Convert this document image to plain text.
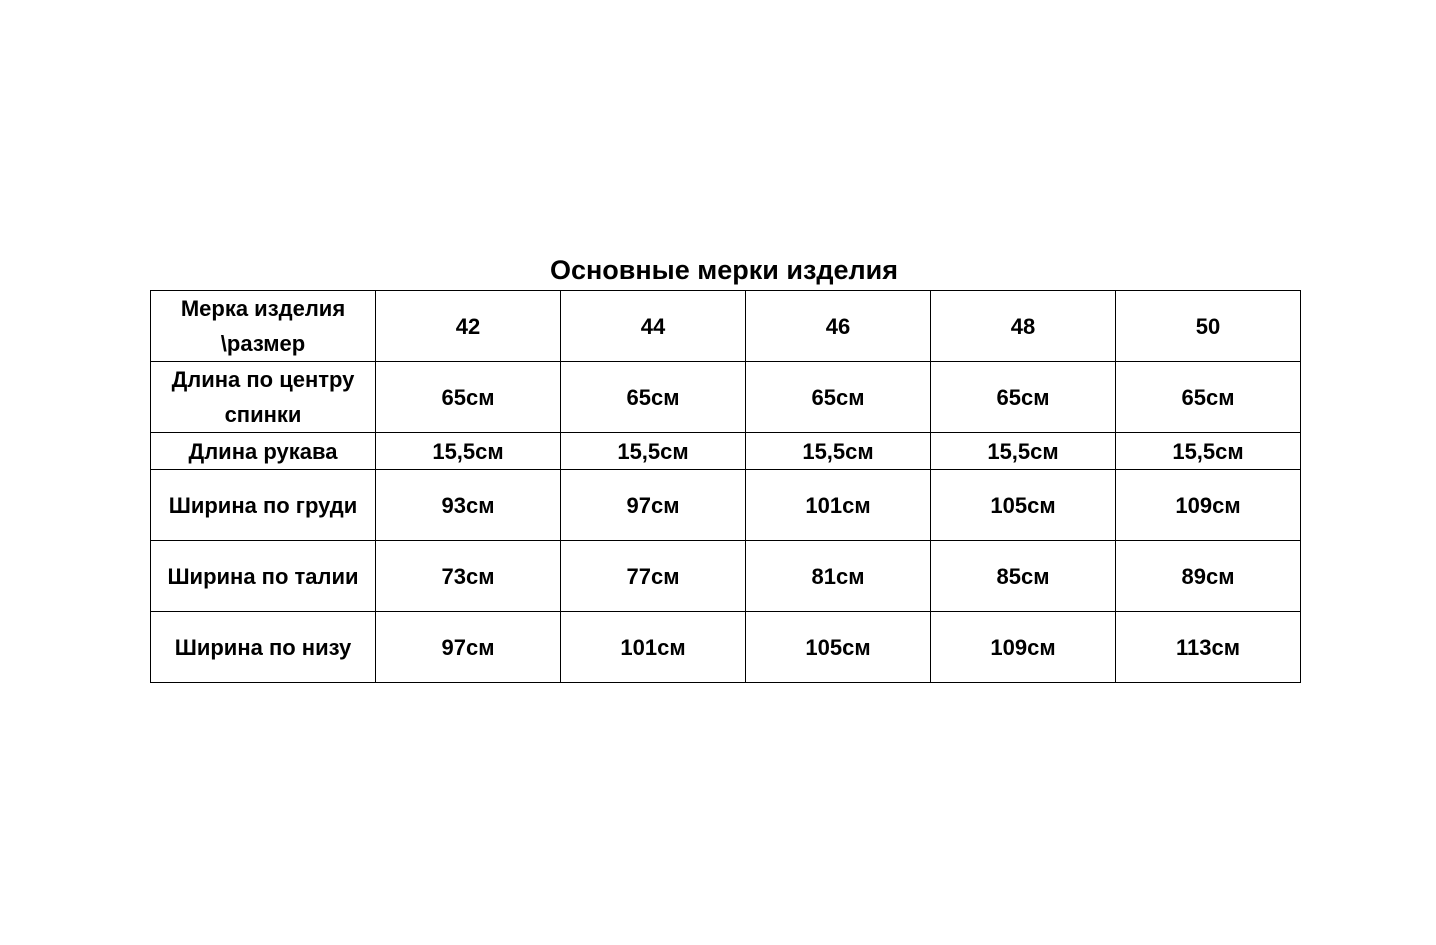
Основные мерки изделия
Мерка изделия \размер	42	44	46	48	50
Длина по центру спинки	65см	65см	65см	65см	65см
Длина рукава	15,5см	15,5см	15,5см	15,5см	15,5см
Ширина по груди	93см	97см	101см	105см	109см
Ширина по талии	73см	77см	81см	85см	89см
Ширина по низу	97см	101см	105см	109см	113см
